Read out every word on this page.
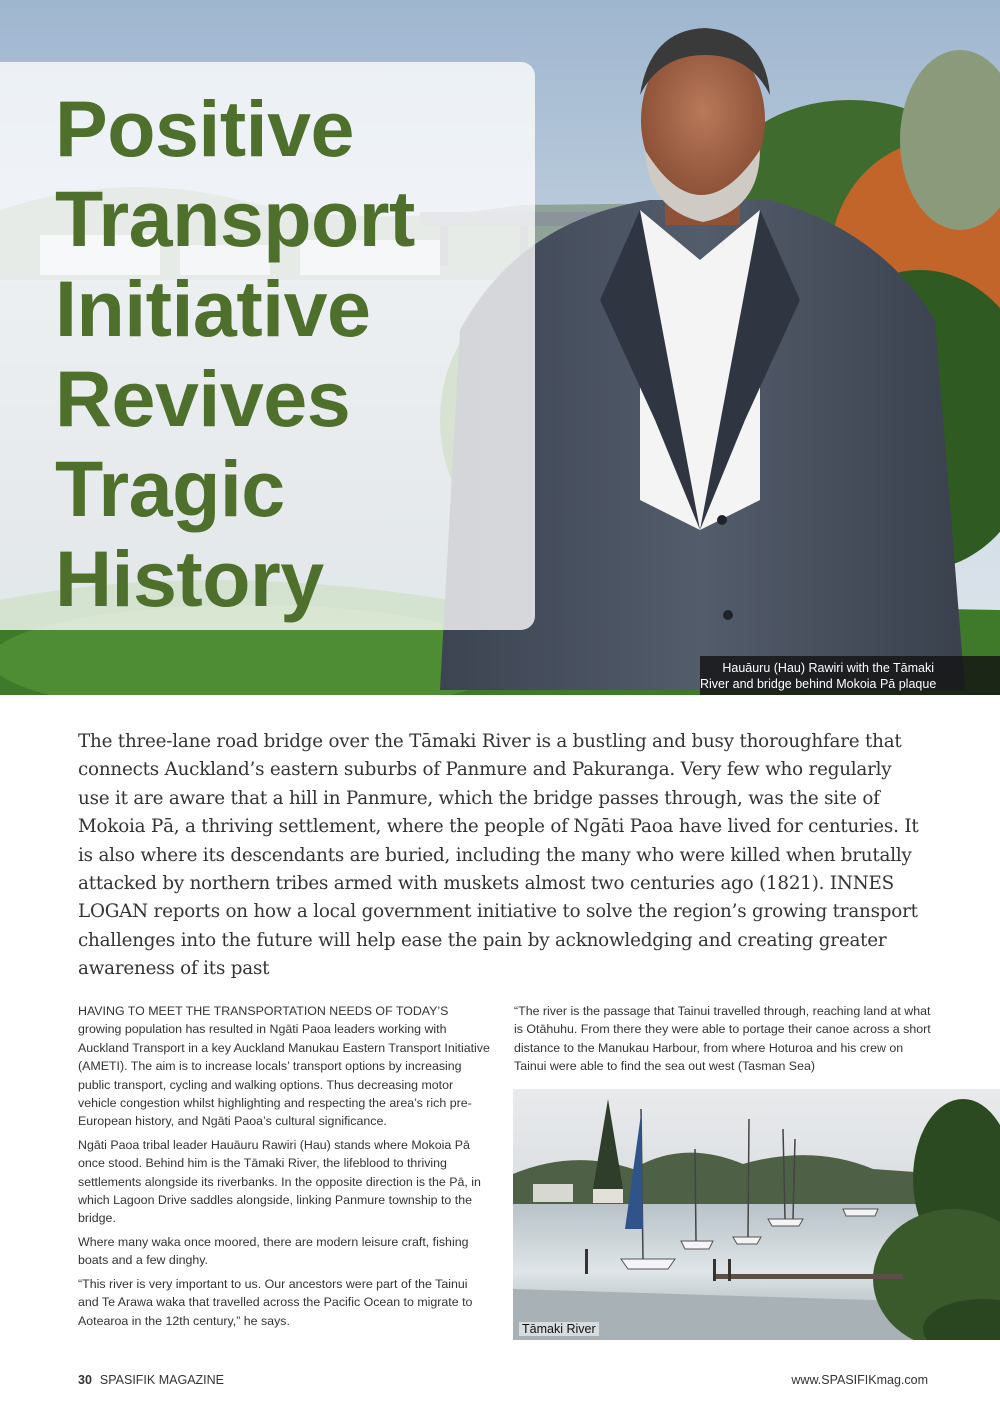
Positive
Transport
Initiative
Revives
Tragic
History
Hauāuru (Hau) Rawiri with the Tāmaki
River and bridge behind Mokoia Pā plaque

The three-lane road bridge over the Tāmaki River is a bustling and busy thoroughfare that connects Auckland’s eastern suburbs of Panmure and Pakuranga. Very few who regularly use it are aware that a hill in Panmure, which the bridge passes through, was the site of Mokoia Pā, a thriving settlement, where the people of Ngāti Paoa have lived for centuries. It is also where its descendants are buried, including the many who were killed when brutally attacked by northern tribes armed with muskets almost two centuries ago (1821). INNES LOGAN reports on how a local government initiative to solve the region’s growing transport challenges into the future will help ease the pain by acknowledging and creating greater awareness of its past

HAVING TO MEET THE TRANSPORTATION NEEDS OF TODAY’S growing population has resulted in Ngāti Paoa leaders working with Auckland Transport in a key Auckland Manukau Eastern Transport Initiative (AMETI). The aim is to increase locals’ transport options by increasing public transport, cycling and walking options. Thus decreasing motor vehicle congestion whilst highlighting and respecting the area’s rich pre-European history, and Ngāti Paoa’s cultural significance.

Ngāti Paoa tribal leader Hauāuru Rawiri (Hau) stands where Mokoia Pā once stood. Behind him is the Tāmaki River, the lifeblood to thriving settlements alongside its riverbanks. In the opposite direction is the Pā, in which Lagoon Drive saddles alongside, linking Panmure township to the bridge.

Where many waka once moored, there are modern leisure craft, fishing boats and a few dinghy.

“This river is very important to us. Our ancestors were part of the Tainui and Te Arawa waka that travelled across the Pacific Ocean to migrate to Aotearoa in the 12th century,” he says.

“The river is the passage that Tainui travelled through, reaching land at what is Otāhuhu. From there they were able to portage their canoe across a short distance to the Manukau Harbour, from where Hoturoa and his crew on Tainui were able to find the sea out west (Tasman Sea)

Tāmaki River
30 SPASIFIK MAGAZINE	www.SPASIFIKmag.com
